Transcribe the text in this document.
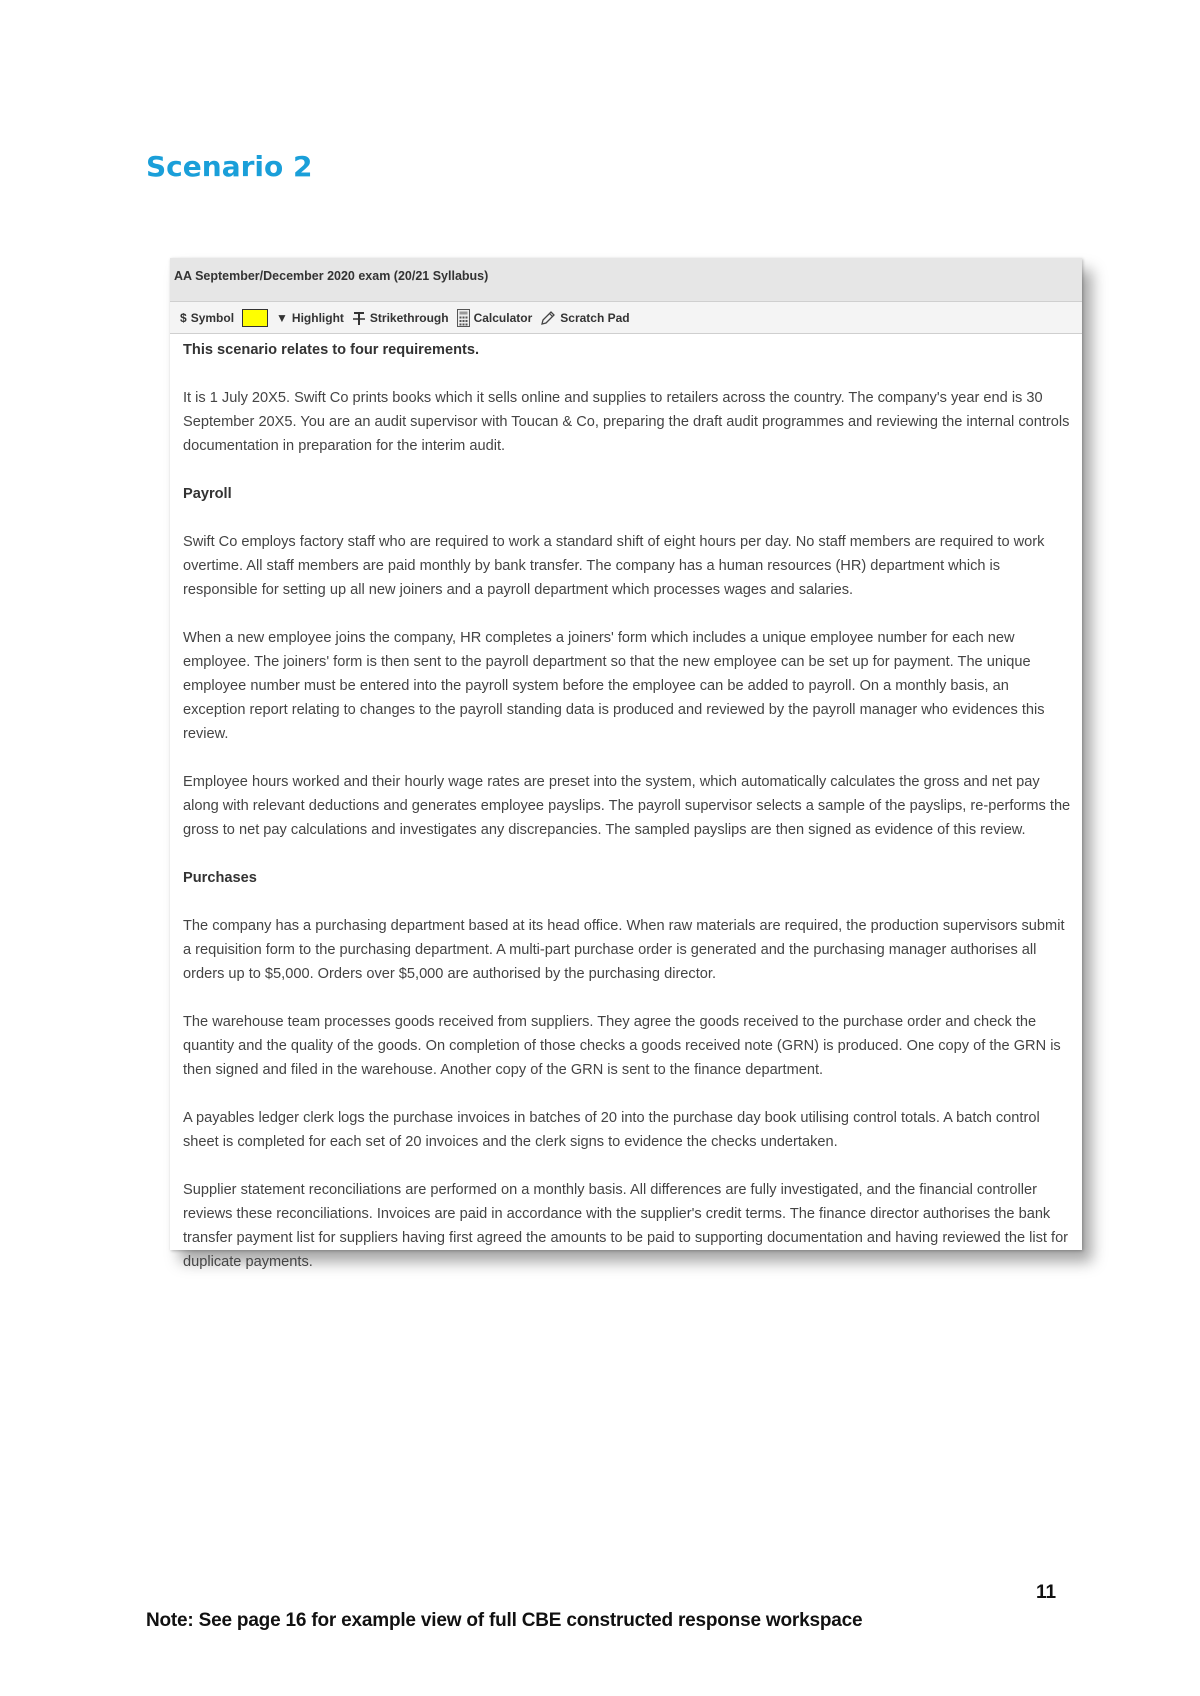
Scenario 2
AA September/December 2020 exam (20/21 Syllabus)
$ Symbol	▼ Highlight Strikethrough Calculator Scratch Pad

This scenario relates to four requirements.

It is 1 July 20X5. Swift Co prints books which it sells online and supplies to retailers across the country. The company's year end is 30 September 20X5. You are an audit supervisor with Toucan & Co, preparing the draft audit programmes and reviewing the internal controls documentation in preparation for the interim audit.

Payroll

Swift Co employs factory staff who are required to work a standard shift of eight hours per day. No staff members are required to work overtime. All staff members are paid monthly by bank transfer. The company has a human resources (HR) department which is responsible for setting up all new joiners and a payroll department which processes wages and salaries.

When a new employee joins the company, HR completes a joiners' form which includes a unique employee number for each new employee. The joiners' form is then sent to the payroll department so that the new employee can be set up for payment. The unique employee number must be entered into the payroll system before the employee can be added to payroll. On a monthly basis, an exception report relating to changes to the payroll standing data is produced and reviewed by the payroll manager who evidences this review.

Employee hours worked and their hourly wage rates are preset into the system, which automatically calculates the gross and net pay along with relevant deductions and generates employee payslips. The payroll supervisor selects a sample of the payslips, re-performs the gross to net pay calculations and investigates any discrepancies. The sampled payslips are then signed as evidence of this review.

Purchases

The company has a purchasing department based at its head office. When raw materials are required, the production supervisors submit a requisition form to the purchasing department. A multi-part purchase order is generated and the purchasing manager authorises all orders up to $5,000. Orders over $5,000 are authorised by the purchasing director.

The warehouse team processes goods received from suppliers. They agree the goods received to the purchase order and check the quantity and the quality of the goods. On completion of those checks a goods received note (GRN) is produced. One copy of the GRN is then signed and filed in the warehouse. Another copy of the GRN is sent to the finance department.

A payables ledger clerk logs the purchase invoices in batches of 20 into the purchase day book utilising control totals. A batch control sheet is completed for each set of 20 invoices and the clerk signs to evidence the checks undertaken.

Supplier statement reconciliations are performed on a monthly basis. All differences are fully investigated, and the financial controller reviews these reconciliations. Invoices are paid in accordance with the supplier's credit terms. The finance director authorises the bank transfer payment list for suppliers having first agreed the amounts to be paid to supporting documentation and having reviewed the list for duplicate payments.

11
Note: See page 16 for example view of full CBE constructed response workspace
